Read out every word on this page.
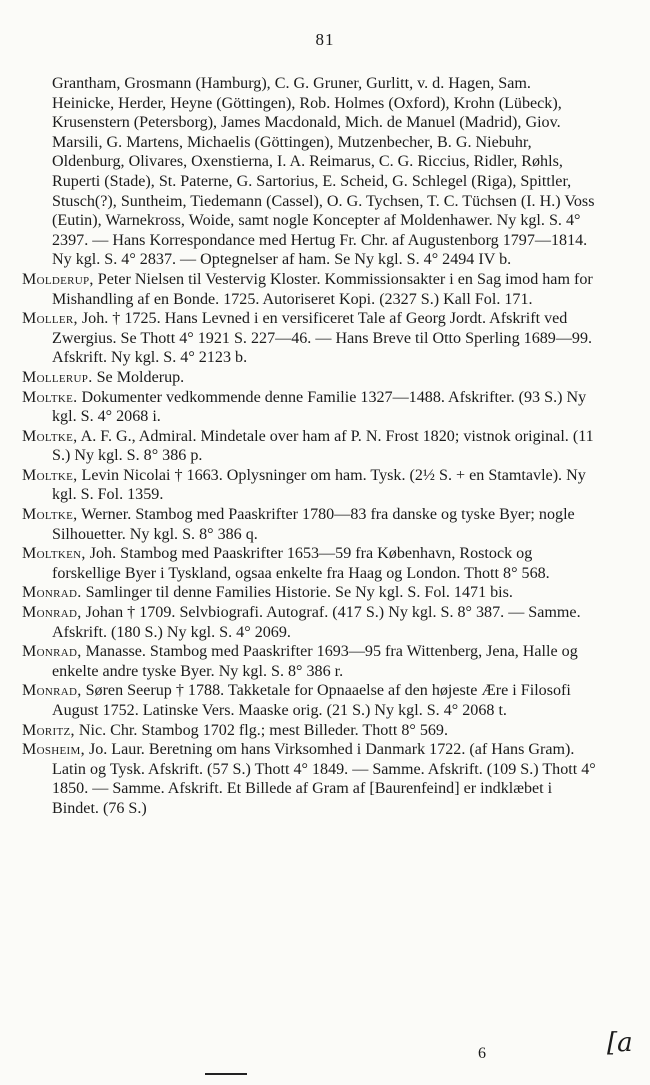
81

Grantham, Grosmann (Hamburg), C. G. Gruner, Gurlitt, v. d. Hagen, Sam. Heinicke, Herder, Heyne (Göttingen), Rob. Holmes (Oxford), Krohn (Lübeck), Krusenstern (Petersborg), James Macdonald, Mich. de Manuel (Madrid), Giov. Marsili, G. Martens, Michaelis (Göttingen), Mutzenbecher, B. G. Niebuhr, Oldenburg, Olivares, Oxenstierna, I. A. Reimarus, C. G. Riccius, Ridler, Røhls, Ruperti (Stade), St. Paterne, G. Sartorius, E. Scheid, G. Schlegel (Riga), Spittler, Stusch(?), Suntheim, Tiedemann (Cassel), O. G. Tychsen, T. C. Tüchsen (I. H.) Voss (Eutin), Warnekross, Woide, samt nogle Koncepter af Moldenhawer. Ny kgl. S. 4° 2397. — Hans Korrespondance med Hertug Fr. Chr. af Augustenborg 1797—1814. Ny kgl. S. 4° 2837. — Optegnelser af ham. Se Ny kgl. S. 4° 2494 IV b.

Molderup, Peter Nielsen til Vestervig Kloster. Kommissionsakter i en Sag imod ham for Mishandling af en Bonde. 1725. Autoriseret Kopi. (2327 S.) Kall Fol. 171.

Moller, Joh. † 1725. Hans Levned i en versificeret Tale af Georg Jordt. Afskrift ved Zwergius. Se Thott 4° 1921 S. 227—46. — Hans Breve til Otto Sperling 1689—99. Afskrift. Ny kgl. S. 4° 2123 b.

Mollerup. Se Molderup.

Moltke. Dokumenter vedkommende denne Familie 1327—1488. Afskrifter. (93 S.) Ny kgl. S. 4° 2068 i.

Moltke, A. F. G., Admiral. Mindetale over ham af P. N. Frost 1820; vistnok original. (11 S.) Ny kgl. S. 8° 386 p.

Moltke, Levin Nicolai † 1663. Oplysninger om ham. Tysk. (2½ S. + en Stamtavle). Ny kgl. S. Fol. 1359.

Moltke, Werner. Stambog med Paaskrifter 1780—83 fra danske og tyske Byer; nogle Silhouetter. Ny kgl. S. 8° 386 q.

Moltken, Joh. Stambog med Paaskrifter 1653—59 fra København, Rostock og forskellige Byer i Tyskland, ogsaa enkelte fra Haag og London. Thott 8° 568.

Monrad. Samlinger til denne Families Historie. Se Ny kgl. S. Fol. 1471 bis.

Monrad, Johan † 1709. Selvbiografi. Autograf. (417 S.) Ny kgl. S. 8° 387. — Samme. Afskrift. (180 S.) Ny kgl. S. 4° 2069.

Monrad, Manasse. Stambog med Paaskrifter 1693—95 fra Wittenberg, Jena, Halle og enkelte andre tyske Byer. Ny kgl. S. 8° 386 r.

Monrad, Søren Seerup † 1788. Takketale for Opnaaelse af den højeste Ære i Filosofi August 1752. Latinske Vers. Maaske orig. (21 S.) Ny kgl. S. 4° 2068 t.

Moritz, Nic. Chr. Stambog 1702 flg.; mest Billeder. Thott 8° 569.

Mosheim, Jo. Laur. Beretning om hans Virksomhed i Danmark 1722. (af Hans Gram). Latin og Tysk. Afskrift. (57 S.) Thott 4° 1849. — Samme. Afskrift. (109 S.) Thott 4° 1850. — Samme. Afskrift. Et Billede af Gram af [Baurenfeind] er indklæbet i Bindet. (76 S.)

6	[a
